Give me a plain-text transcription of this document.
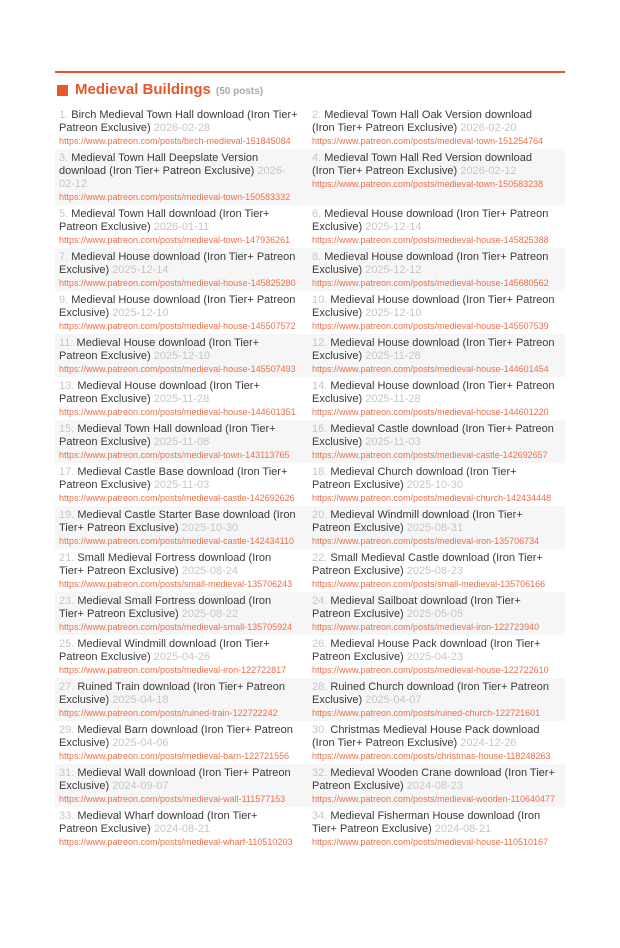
Medieval Buildings (50 posts)
1. Birch Medieval Town Hall download (Iron Tier+ Patreon Exclusive) 2026-02-28
https://www.patreon.com/posts/birch-medieval-151845084
2. Medieval Town Hall Oak Version download (Iron Tier+ Patreon Exclusive) 2026-02-20
https://www.patreon.com/posts/medieval-town-151254764
3. Medieval Town Hall Deepslate Version download (Iron Tier+ Patreon Exclusive) 2026-02-12
https://www.patreon.com/posts/medieval-town-150583332
4. Medieval Town Hall Red Version download (Iron Tier+ Patreon Exclusive) 2026-02-12
https://www.patreon.com/posts/medieval-town-150583238
5. Medieval Town Hall download (Iron Tier+ Patreon Exclusive) 2026-01-11
https://www.patreon.com/posts/medieval-town-147936261
6. Medieval House download (Iron Tier+ Patreon Exclusive) 2025-12-14
https://www.patreon.com/posts/medieval-house-145825388
7. Medieval House download (Iron Tier+ Patreon Exclusive) 2025-12-14
https://www.patreon.com/posts/medieval-house-145825280
8. Medieval House download (Iron Tier+ Patreon Exclusive) 2025-12-12
https://www.patreon.com/posts/medieval-house-145680562
9. Medieval House download (Iron Tier+ Patreon Exclusive) 2025-12-10
https://www.patreon.com/posts/medieval-house-145507572
10. Medieval House download (Iron Tier+ Patreon Exclusive) 2025-12-10
https://www.patreon.com/posts/medieval-house-145507539
11. Medieval House download (Iron Tier+ Patreon Exclusive) 2025-12-10
https://www.patreon.com/posts/medieval-house-145507493
12. Medieval House download (Iron Tier+ Patreon Exclusive) 2025-11-28
https://www.patreon.com/posts/medieval-house-144601454
13. Medieval House download (Iron Tier+ Patreon Exclusive) 2025-11-28
https://www.patreon.com/posts/medieval-house-144601351
14. Medieval House download (Iron Tier+ Patreon Exclusive) 2025-11-28
https://www.patreon.com/posts/medieval-house-144601220
15. Medieval Town Hall download (Iron Tier+ Patreon Exclusive) 2025-11-08
https://www.patreon.com/posts/medieval-town-143113765
16. Medieval Castle download (Iron Tier+ Patreon Exclusive) 2025-11-03
https://www.patreon.com/posts/medieval-castle-142692657
17. Medieval Castle Base download (Iron Tier+ Patreon Exclusive) 2025-11-03
https://www.patreon.com/posts/medieval-castle-142692626
18. Medieval Church download (Iron Tier+ Patreon Exclusive) 2025-10-30
https://www.patreon.com/posts/medieval-church-142434448
19. Medieval Castle Starter Base download (Iron Tier+ Patreon Exclusive) 2025-10-30
https://www.patreon.com/posts/medieval-castle-142434110
20. Medieval Windmill download (Iron Tier+ Patreon Exclusive) 2025-08-31
https://www.patreon.com/posts/medieval-iron-135706734
21. Small Medieval Fortress download (Iron Tier+ Patreon Exclusive) 2025-08-24
https://www.patreon.com/posts/small-medieval-135706243
22. Small Medieval Castle download (Iron Tier+ Patreon Exclusive) 2025-08-23
https://www.patreon.com/posts/small-medieval-135706166
23. Medieval Small Fortress download (Iron Tier+ Patreon Exclusive) 2025-08-22
https://www.patreon.com/posts/medieval-small-135705924
24. Medieval Sailboat download (Iron Tier+ Patreon Exclusive) 2025-05-05
https://www.patreon.com/posts/medieval-iron-122723940
25. Medieval Windmill download (Iron Tier+ Patreon Exclusive) 2025-04-26
https://www.patreon.com/posts/medieval-iron-122722817
26. Medieval House Pack download (Iron Tier+ Patreon Exclusive) 2025-04-23
https://www.patreon.com/posts/medieval-house-122722610
27. Ruined Train download (Iron Tier+ Patreon Exclusive) 2025-04-18
https://www.patreon.com/posts/ruined-train-122722242
28. Ruined Church download (Iron Tier+ Patreon Exclusive) 2025-04-07
https://www.patreon.com/posts/ruined-church-122721601
29. Medieval Barn download (Iron Tier+ Patreon Exclusive) 2025-04-06
https://www.patreon.com/posts/medieval-barn-122721556
30. Christmas Medieval House Pack download (Iron Tier+ Patreon Exclusive) 2024-12-26
https://www.patreon.com/posts/christmas-house-118248263
31. Medieval Wall download (Iron Tier+ Patreon Exclusive) 2024-09-07
https://www.patreon.com/posts/medieval-wall-111577153
32. Medieval Wooden Crane download (Iron Tier+ Patreon Exclusive) 2024-08-23
https://www.patreon.com/posts/medieval-wooden-110640477
33. Medieval Wharf download (Iron Tier+ Patreon Exclusive) 2024-08-21
https://www.patreon.com/posts/medieval-wharf-110510203
34. Medieval Fisherman House download (Iron Tier+ Patreon Exclusive) 2024-08-21
https://www.patreon.com/posts/medieval-house-110510167
